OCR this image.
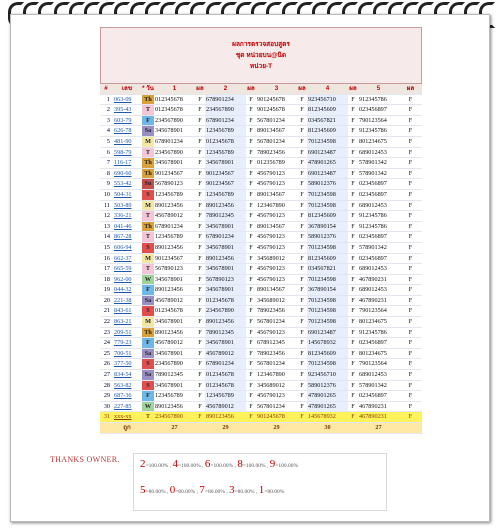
ผลการตรวจสอบสูตร
ชุด หน่วยบน@นิด
หน่วย-T
#	เลข	* วัน	1	ผล	2	ผล	3	ผล	4	ผล	5	ผล
1	063-09	Th	012345678	F	678901234	F	901245678	F	923456710	F	912345786	F
2	395-43	T	012345678	F	234567890	F	901245678	F	812345609	F	023456897	F
3	603-79	F	234567890	F	678901234	F	567801234	F	034567821	F	790123564	F
4	626-78	Sa	345678901	F	123456789	F	890134567	F	812345609	F	912345786	F
5	481-90	M	678901234	F	012345678	F	567801234	F	701234598	F	801234675	F
6	598-79	T	234567890	F	123456789	F	789023456	F	690123487	F	689012453	F
7	116-17	Th	345678901	F	345678901	F	012356789	F	478901265	F	578901342	F
8	690-60	Th	901234567	F	901234567	F	456790123	F	690123487	F	578901342	F
9	553-42	Su	567890123	F	901234567	F	456790123	F	589012376	F	023456897	F
10	504-31	S	123456789	F	123456789	F	890134567	F	701234598	F	023456897	F
11	503-89	M	890123456	F	890123456	F	123467890	F	701234598	F	689012453	F
12	336-21	T	456789012	F	789012345	F	456790123	F	812345609	F	912345786	F
13	041-46	Th	678901234	F	345678901	F	890134567	F	367890154	F	912345786	F
14	867-28	T	123456789	F	678901234	F	456790123	F	589012376	F	023456897	F
15	606-94	S	890123456	F	345678901	F	456790123	F	701234598	F	578901342	F
16	662-37	M	901234567	F	890123456	F	345689012	F	812345609	F	023456897	F
17	665-59	T	567890123	F	345678901	F	456790123	F	034567821	F	689012453	F
18	962-00	W	345678901	F	567890123	F	456790123	F	701234598	F	467890231	F
19	044-32	F	890123456	F	345678901	F	890134567	F	367890154	F	689012453	F
20	221-38	Sa	456789012	F	012345678	F	345689012	F	701234598	F	467890231	F
21	843-61	S	012345678	F	234567890	F	789023456	F	701234598	F	790123564	F
22	863-21	M	345678901	F	890123456	F	567801234	F	701234598	F	801234675	F
23	209-51	Th	890123456	F	789012345	F	456790123	F	690123487	F	912345786	F
24	779-23	F	456789012	F	345678901	F	678912345	F	145678932	F	023456897	F
25	700-51	Sa	345678901	F	456789012	F	789023456	F	812345609	F	801234675	F
26	377-50	S	234567890	F	678901234	F	567801234	F	701234598	F	790123564	F
27	834-54	Sa	789012345	F	012345678	F	123467890	F	923456710	F	689012453	F
28	563-82	S	345678901	F	012345678	F	345689012	F	589012376	F	578901342	F
29	687-36	F	123456789	F	123456789	F	456790123	F	478901265	F	023456897	F
30	227-85	W	890123456	F	456789012	F	567801234	F	478901265	F	467890231	F
31	xxx-xx	T	234567890	F	890123456	F	901245678	F	145678932	F	467890231	F
	ถูก		27		29		29		30		27	
THANKS OWNER. 2=100.00% , 4=100.00% , 6=100.00% , 8=100.00% , 9=100.00%
5=80.00% , 0=80.00% , 7=80.00% , 3=80.00% , 1=80.00%
